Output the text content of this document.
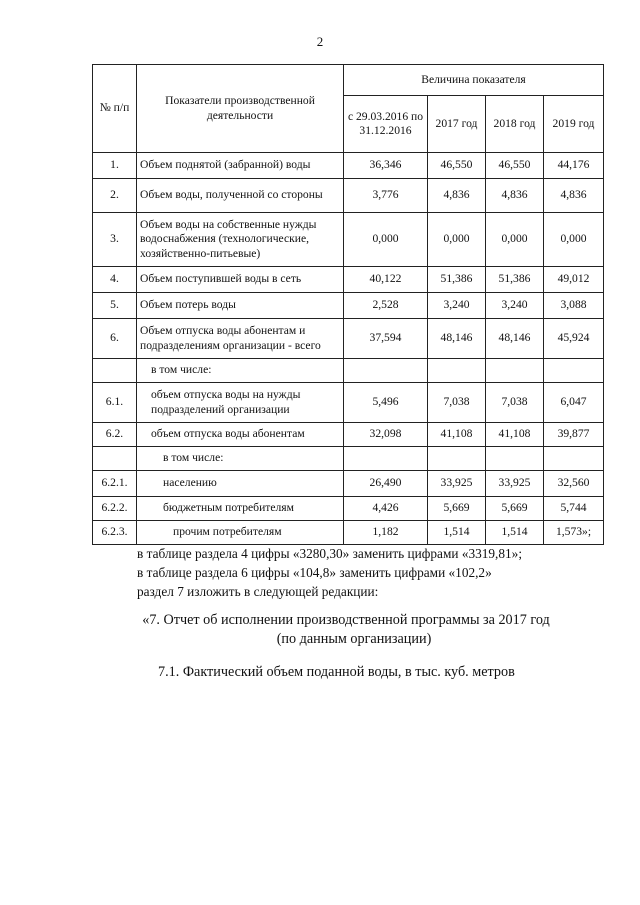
2
№ п/п	Показатели производственной деятельности	Величина показателя			
		с 29.03.2016 по 31.12.2016	2017 год	2018 год	2019 год
1.	Объем поднятой (забранной) воды	36,346	46,550	46,550	44,176
2.	Объем воды, полученной со стороны	3,776	4,836	4,836	4,836
3.	Объем воды на собственные нужды водоснабжения (технологические, хозяйственно-питьевые)	0,000	0,000	0,000	0,000
4.	Объем поступившей воды в сеть	40,122	51,386	51,386	49,012
5.	Объем потерь воды	2,528	3,240	3,240	3,088
6.	Объем отпуска воды абонентам и подразделениям организации - всего	37,594	48,146	48,146	45,924
	в том числе:				
6.1.	объем отпуска воды на нужды подразделений организации	5,496	7,038	7,038	6,047
6.2.	объем отпуска воды абонентам	32,098	41,108	41,108	39,877
	в том числе:				
6.2.1.	населению	26,490	33,925	33,925	32,560
6.2.2.	бюджетным потребителям	4,426	5,669	5,669	5,744
6.2.3.	прочим потребителям	1,182	1,514	1,514	1,573»;
в таблице раздела 4 цифры «3280,30» заменить цифрами «3319,81»;
в таблице раздела 6 цифры «104,8» заменить цифрами «102,2»
раздел 7 изложить в следующей редакции:
«7. Отчет об исполнении производственной программы за 2017 год
(по данным организации)
7.1. Фактический объем поданной воды, в тыс. куб. метров
